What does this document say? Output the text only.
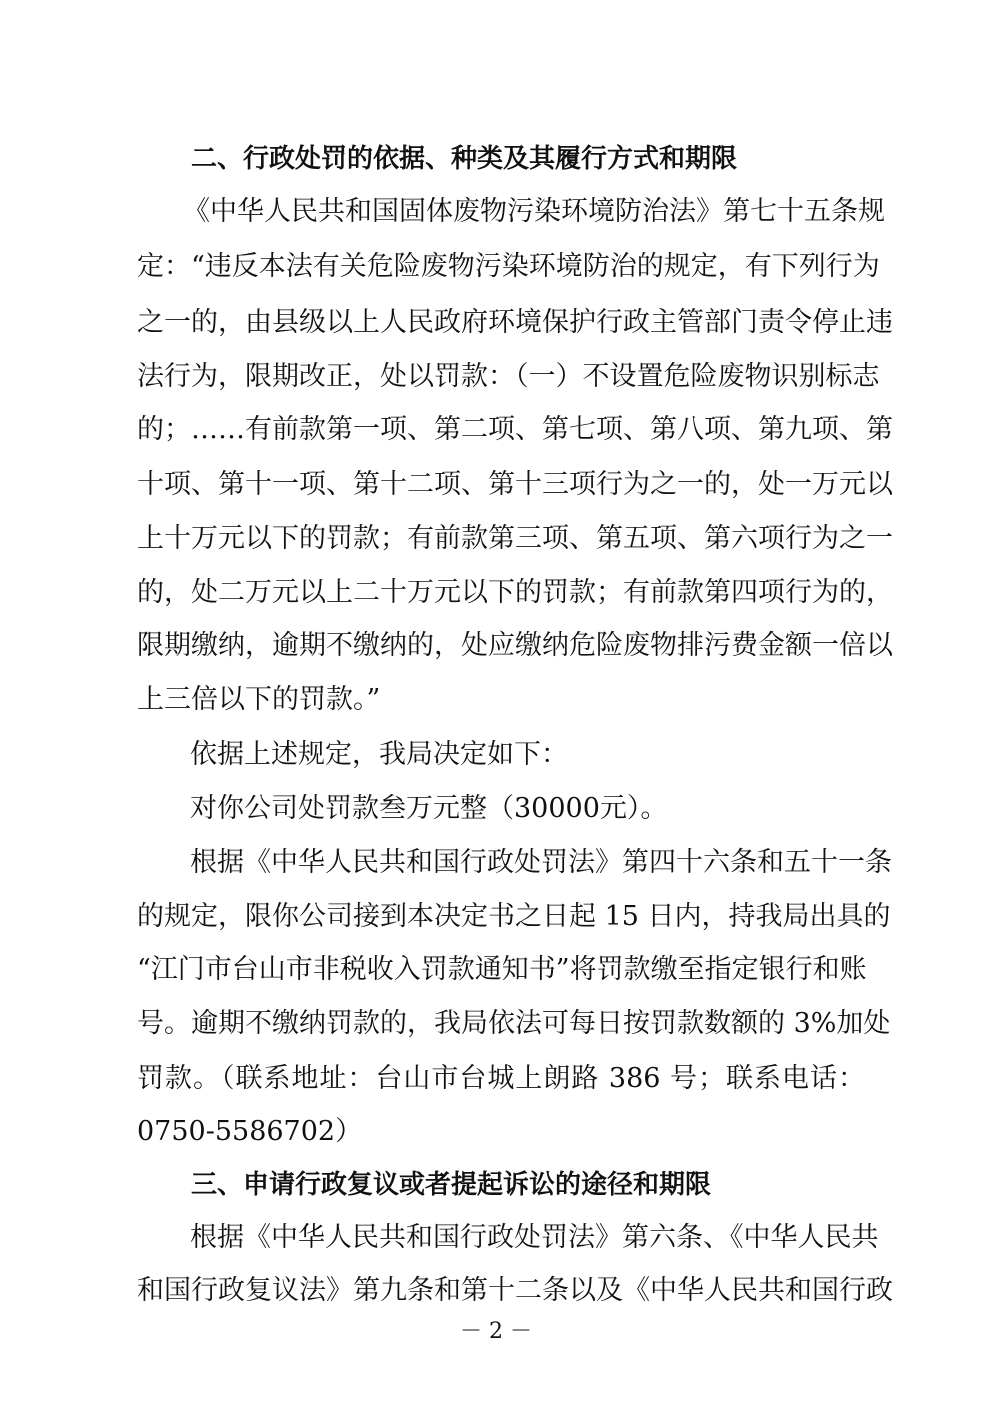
二、行政处罚的依据、种类及其履行方式和期限
《中华人民共和国固体废物污染环境防治法》第七十五条规
定：“违反本法有关危险废物污染环境防治的规定，有下列行为
之一的，由县级以上人民政府环境保护行政主管部门责令停止违
法行为，限期改正，处以罚款：（一）不设置危险废物识别标志
的；……有前款第一项、第二项、第七项、第八项、第九项、第
十项、第十一项、第十二项、第十三项行为之一的，处一万元以
上十万元以下的罚款；有前款第三项、第五项、第六项行为之一
的，处二万元以上二十万元以下的罚款；有前款第四项行为的，
限期缴纳，逾期不缴纳的，处应缴纳危险废物排污费金额一倍以
上三倍以下的罚款。”
依据上述规定，我局决定如下：
对你公司处罚款叁万元整（30000元）。
根据《中华人民共和国行政处罚法》第四十六条和五十一条
的规定，限你公司接到本决定书之日起 15 日内，持我局出具的
“江门市台山市非税收入罚款通知书”将罚款缴至指定银行和账
号。逾期不缴纳罚款的，我局依法可每日按罚款数额的 3%加处
罚款。（联系地址：台山市台城上朗路 386 号；联系电话：
0750-5586702）
三、申请行政复议或者提起诉讼的途径和期限
根据《中华人民共和国行政处罚法》第六条、《中华人民共
和国行政复议法》第九条和第十二条以及《中华人民共和国行政
－ 2 －
